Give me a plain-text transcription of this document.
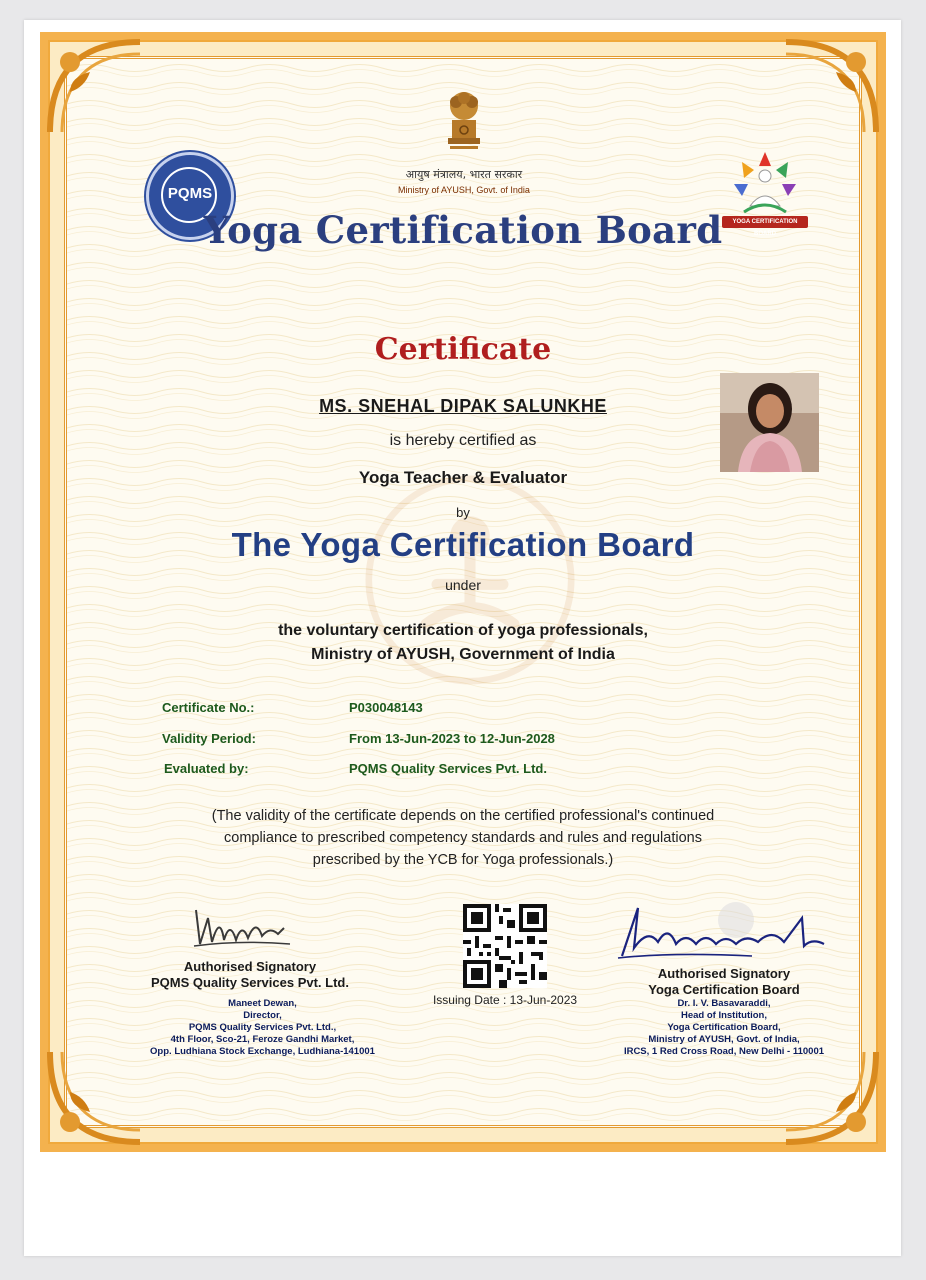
आयुष मंत्रालय, भारत सरकार
Ministry of AYUSH, Govt. of India
PQMS
YOGA CERTIFICATION BOARD
Yoga Certification Board
Certificate
MS. SNEHAL DIPAK SALUNKHE
is hereby certified as
Yoga Teacher & Evaluator
by
The Yoga Certification Board
under
the voluntary certification of yoga professionals,
Ministry of AYUSH, Government of India
Certificate No.:	P030048143
Validity Period:	From 13-Jun-2023 to 12-Jun-2028
Evaluated by:	PQMS Quality Services Pvt. Ltd.
(The validity of the certificate depends on the certified professional's continued
compliance to prescribed competency standards and rules and regulations
prescribed by the YCB for Yoga professionals.)
Authorised Signatory
PQMS Quality Services Pvt. Ltd.
Maneet Dewan,
Director,
PQMS Quality Services Pvt. Ltd.,
4th Floor, Sco-21, Feroze Gandhi Market,
Opp. Ludhiana Stock Exchange, Ludhiana-141001
Issuing Date : 13-Jun-2023
Authorised Signatory
Yoga Certification Board
Dr. I. V. Basavaraddi,
Head of Institution,
Yoga Certification Board,
Ministry of AYUSH, Govt. of India,
IRCS, 1 Red Cross Road, New Delhi - 110001
